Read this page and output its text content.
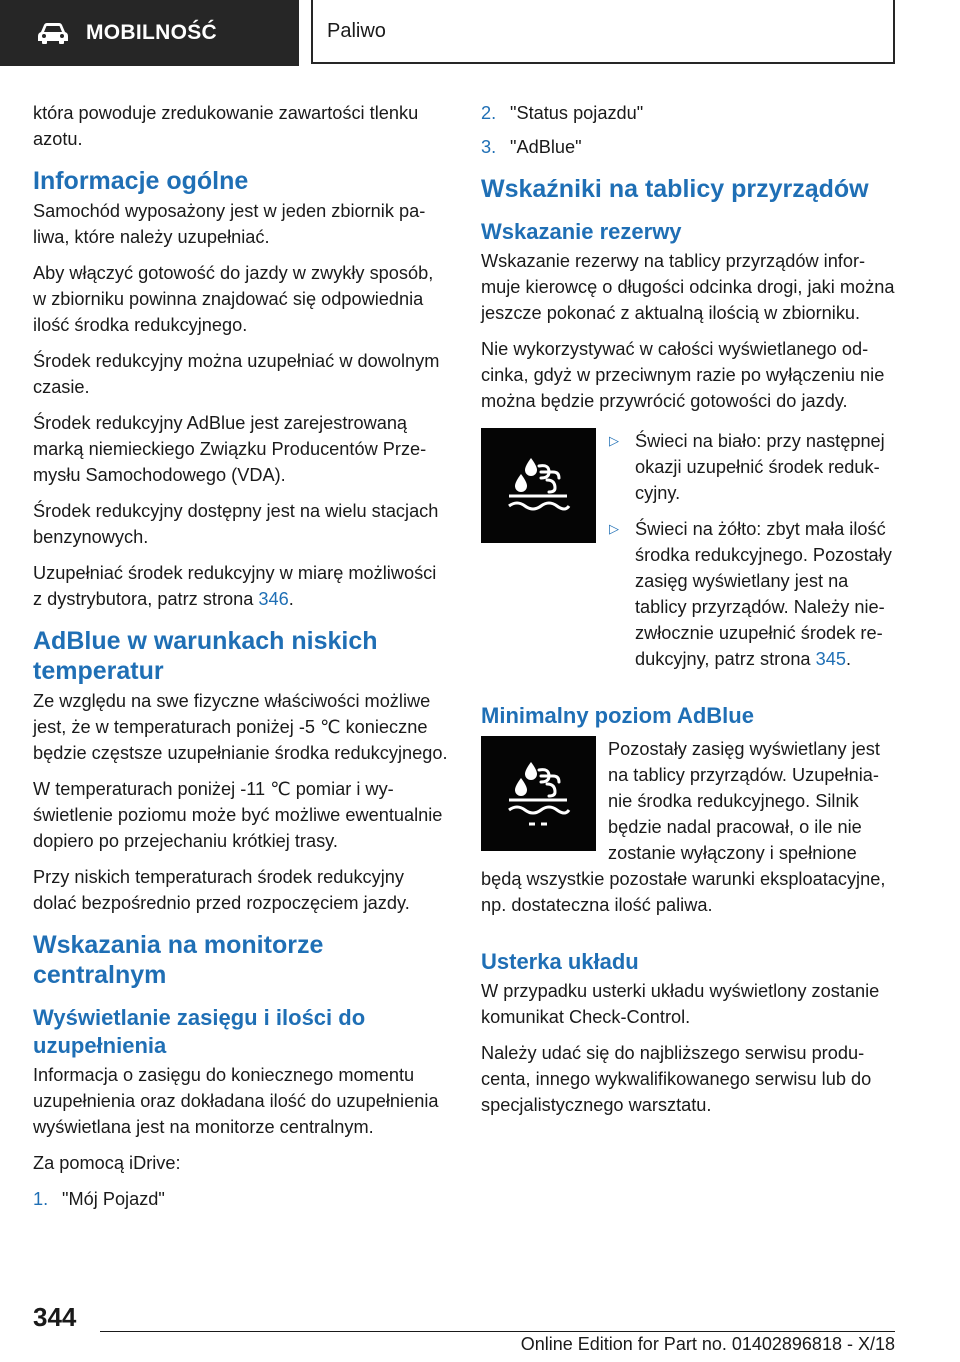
MOBILNOŚĆ	Paliwo

która powoduje zredukowanie zawartości tlenku azotu.

Informacje ogólne

Samochód wyposażony jest w jeden zbiornik paliwa, które należy uzupełniać.

Aby włączyć gotowość do jazdy w zwykły sposób, w zbiorniku powinna znajdować się odpowiednia ilość środka redukcyjnego.

Środek redukcyjny można uzupełniać w dowolnym czasie.

Środek redukcyjny AdBlue jest zarejestrowaną marką niemieckiego Związku Producentów Przemysłu Samochodowego (VDA).

Środek redukcyjny dostępny jest na wielu stacjach benzynowych.

Uzupełniać środek redukcyjny w miarę możliwości z dystrybutora, patrz strona 346.

AdBlue w warunkach niskich temperatur

Ze względu na swe fizyczne właściwości możliwe jest, że w temperaturach poniżej -5 ℃ konieczne będzie częstsze uzupełnianie środka redukcyjnego.

W temperaturach poniżej -11 ℃ pomiar i wyświetlenie poziomu może być możliwe ewentualnie dopiero po przejechaniu krótkiej trasy.

Przy niskich temperaturach środek redukcyjny dolać bezpośrednio przed rozpoczęciem jazdy.

Wskazania na monitorze centralnym
Wyświetlanie zasięgu i ilości do uzupełnienia

Informacja o zasięgu do koniecznego momentu uzupełnienia oraz dokładana ilość do uzupełnienia wyświetlana jest na monitorze centralnym.

Za pomocą iDrive:

1. "Mój Pojazd"
2. "Status pojazdu"
3. "AdBlue"
Wskaźniki na tablicy przyrządów
Wskazanie rezerwy

Wskazanie rezerwy na tablicy przyrządów informuje kierowcę o długości odcinka drogi, jaki można jeszcze pokonać z aktualną ilością w zbiorniku.

Nie wykorzystywać w całości wyświetlanego odcinka, gdyż w przeciwnym razie po wyłączeniu nie można będzie przywrócić gotowości do jazdy.

▷ Świeci na biało: przy następnej okazji uzupełnić środek redukcyjny.
▷ Świeci na żółto: zbyt mała ilość środka redukcyjnego. Pozostały zasięg wyświetlany jest na tablicy przyrządów. Należy niezwłocznie uzupełnić środek redukcyjny, patrz strona 345.
Minimalny poziom AdBlue

Pozostały zasięg wyświetlany jest na tablicy przyrządów. Uzupełnianie środka redukcyjnego. Silnik będzie nadal pracował, o ile nie zostanie wyłączony i spełnione będą wszystkie pozostałe warunki eksploatacyjne, np. dostateczna ilość paliwa.

Usterka układu

W przypadku usterki układu wyświetlony zostanie komunikat Check-Control.

Należy udać się do najbliższego serwisu producenta, innego wykwalifikowanego serwisu lub do specjalistycznego warsztatu.

344
Online Edition for Part no. 01402896818 - X/18
